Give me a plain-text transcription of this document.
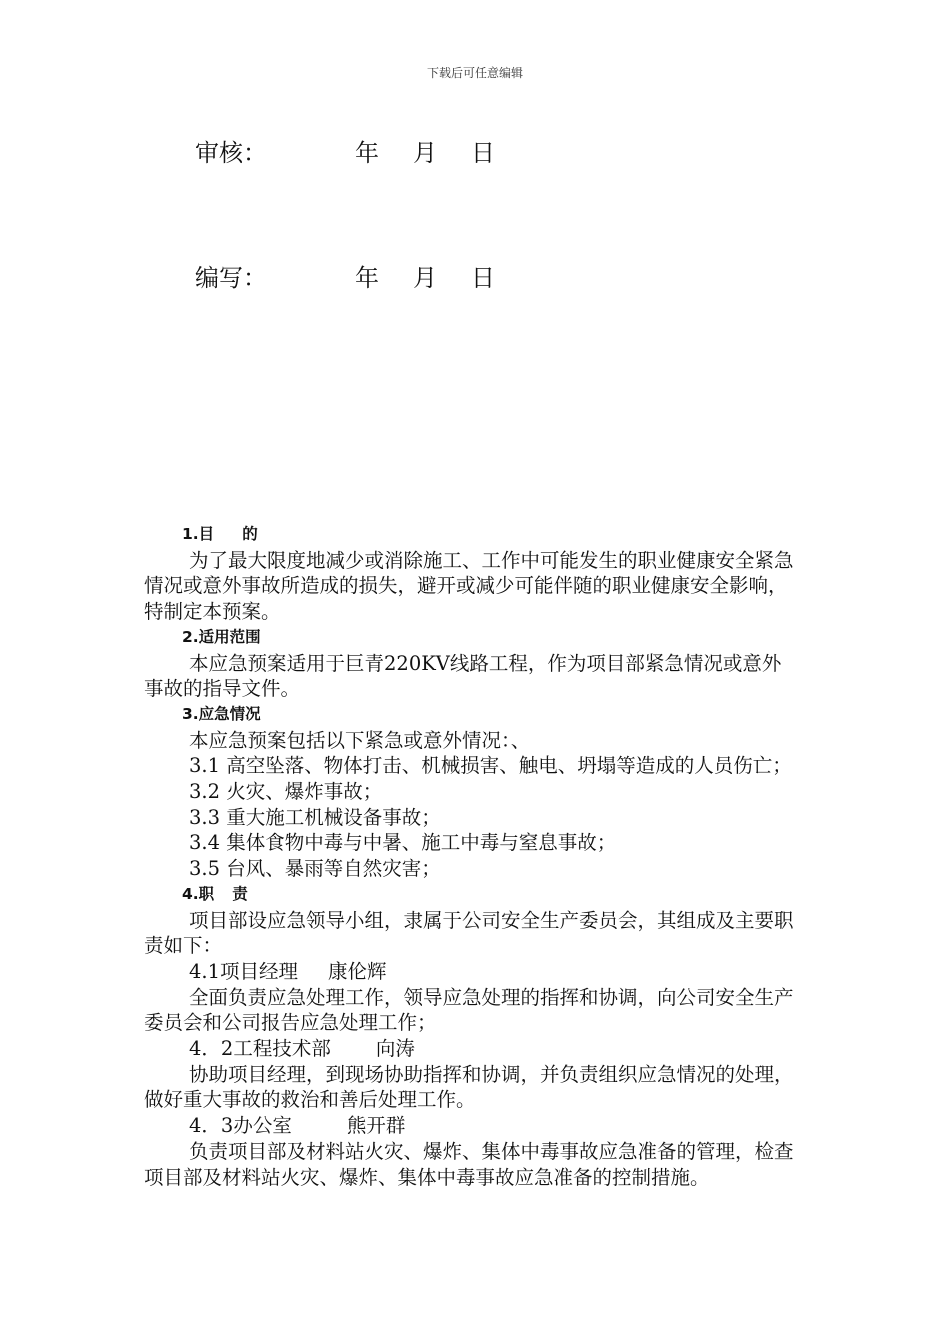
下载后可任意编辑
审核：	年 月 日
编写：	年 月 日

1.目 的

为了最大限度地减少或消除施工、工作中可能发生的职业健康安全紧急情况或意外事故所造成的损失，避开或减少可能伴随的职业健康安全影响，特制定本预案。

2.适用范围

本应急预案适用于巨青220KV线路工程，作为项目部紧急情况或意外事故的指导文件。

3.应急情况

本应急预案包括以下紧急或意外情况：、

3.1 高空坠落、物体打击、机械损害、触电、坍塌等造成的人员伤亡；

3.2 火灾、爆炸事故；

3.3 重大施工机械设备事故；

3.4 集体食物中毒与中暑、施工中毒与窒息事故；

3.5 台风、暴雨等自然灾害；

4.职 责

项目部设应急领导小组，隶属于公司安全生产委员会，其组成及主要职责如下：

4.1项目经理 康伦辉

全面负责应急处理工作，领导应急处理的指挥和协调，向公司安全生产委员会和公司报告应急处理工作；

4．2工程技术部 向涛

协助项目经理，到现场协助指挥和协调，并负责组织应急情况的处理，做好重大事故的救治和善后处理工作。

4．3办公室	熊开群

负责项目部及材料站火灾、爆炸、集体中毒事故应急准备的管理，检查项目部及材料站火灾、爆炸、集体中毒事故应急准备的控制措施。
